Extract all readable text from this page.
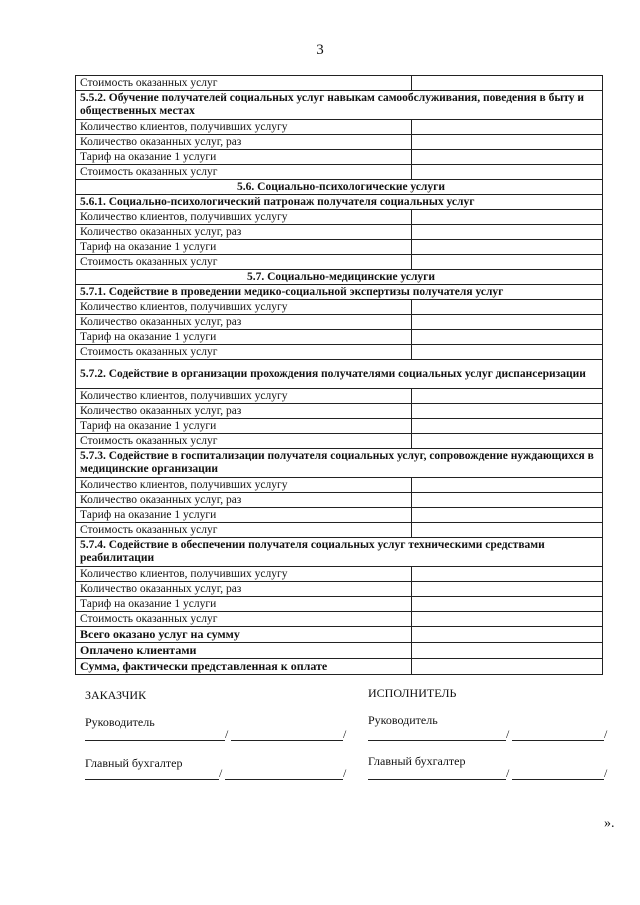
3
Стоимость оказанных услуг	
5.5.2. Обучение получателей социальных услуг навыкам самообслуживания, поведения в быту и общественных местах	
Количество клиентов, получивших услугу	
Количество оказанных услуг, раз	
Тариф на оказание 1 услуги	
Стоимость оказанных услуг	
5.6. Социально-психологические услуги	
5.6.1. Социально-психологический патронаж получателя социальных услуг	
Количество клиентов, получивших услугу	
Количество оказанных услуг, раз	
Тариф на оказание 1 услуги	
Стоимость оказанных услуг	
5.7. Социально-медицинские услуги	
5.7.1. Содействие в проведении медико-социальной экспертизы получателя услуг	
Количество клиентов, получивших услугу	
Количество оказанных услуг, раз	
Тариф на оказание 1 услуги	
Стоимость оказанных услуг	
5.7.2. Содействие в организации прохождения получателями социальных услуг диспансеризации	
Количество клиентов, получивших услугу	
Количество оказанных услуг, раз	
Тариф на оказание 1 услуги	
Стоимость оказанных услуг	
5.7.3. Содействие в госпитализации получателя социальных услуг, сопровождение нуждающихся в медицинские организации	
Количество клиентов, получивших услугу	
Количество оказанных услуг, раз	
Тариф на оказание 1 услуги	
Стоимость оказанных услуг	
5.7.4. Содействие в обеспечении получателя социальных услуг техническими средствами реабилитации	
Количество клиентов, получивших услугу	
Количество оказанных услуг, раз	
Тариф на оказание 1 услуги	
Стоимость оказанных услуг	
Всего оказано услуг на сумму	
Оплачено клиентами	
Сумма, фактически представленная к оплате	
ЗАКАЗЧИК
Руководитель
Главный бухгалтер
/	/
/	/
ИСПОЛНИТЕЛЬ
Руководитель
Главный бухгалтер
/	/
/	/
».
